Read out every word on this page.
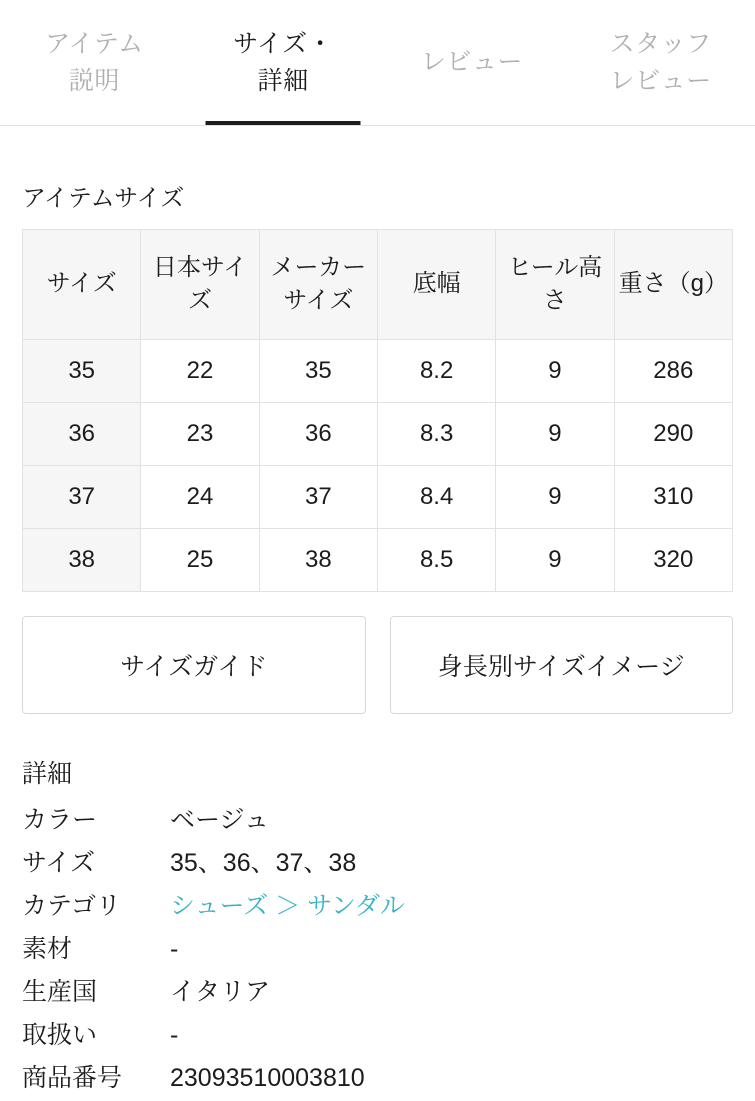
アイテム
説明
サイズ・
詳細
レビュー
スタッフ
レビュー
アイテムサイズ
サイズ	日本サイズ	メーカーサイズ	底幅	ヒール高さ	重さ（g）
35	22	35	8.2	9	286
36	23	36	8.3	9	290
37	24	37	8.4	9	310
38	25	38	8.5	9	320
サイズガイド	身長別サイズイメージ
詳細
カラー	ベージュ
サイズ	35、36、37、38
カテゴリ	シューズ ＞ サンダル
素材	-
生産国	イタリア
取扱い	-
商品番号	23093510003810
